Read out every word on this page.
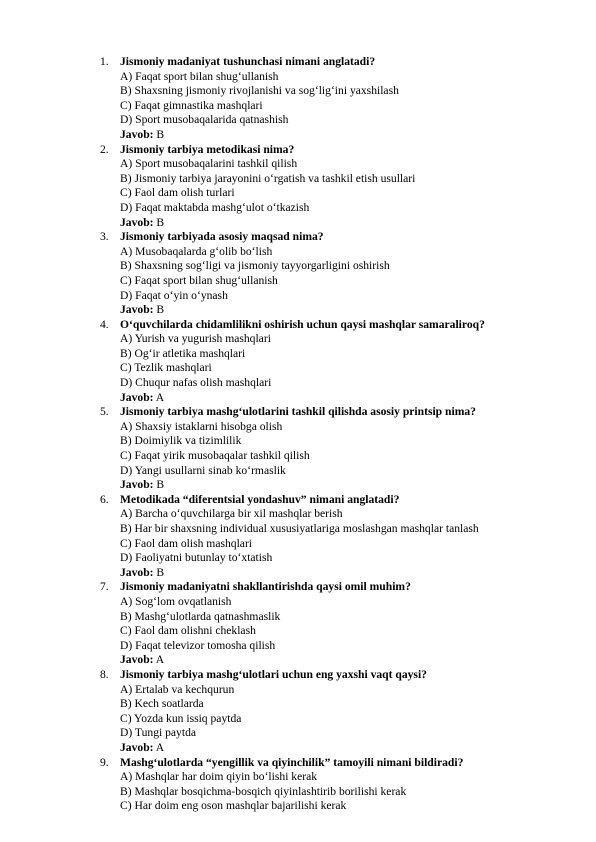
1. Jismoniy madaniyat tushunchasi nimani anglatadi?
A) Faqat sport bilan shug‘ullanish
B) Shaxsning jismoniy rivojlanishi va sog‘lig‘ini yaxshilash
C) Faqat gimnastika mashqlari
D) Sport musobaqalarida qatnashish
Javob: B
2. Jismoniy tarbiya metodikasi nima?
A) Sport musobaqalarini tashkil qilish
B) Jismoniy tarbiya jarayonini o‘rgatish va tashkil etish usullari
C) Faol dam olish turlari
D) Faqat maktabda mashg‘ulot o‘tkazish
Javob: B
3. Jismoniy tarbiyada asosiy maqsad nima?
A) Musobaqalarda g‘olib bo‘lish
B) Shaxsning sog‘ligi va jismoniy tayyorgarligini oshirish
C) Faqat sport bilan shug‘ullanish
D) Faqat o‘yin o‘ynash
Javob: B
4. O‘quvchilarda chidamlilikni oshirish uchun qaysi mashqlar samaraliroq?
A) Yurish va yugurish mashqlari
B) Og‘ir atletika mashqlari
C) Tezlik mashqlari
D) Chuqur nafas olish mashqlari
Javob: A
5. Jismoniy tarbiya mashg‘ulotlarini tashkil qilishda asosiy printsip nima?
A) Shaxsiy istaklarni hisobga olish
B) Doimiylik va tizimlilik
C) Faqat yirik musobaqalar tashkil qilish
D) Yangi usullarni sinab ko‘rmaslik
Javob: B
6. Metodikada “diferentsial yondashuv” nimani anglatadi?
A) Barcha o‘quvchilarga bir xil mashqlar berish
B) Har bir shaxsning individual xususiyatlariga moslashgan mashqlar tanlash
C) Faol dam olish mashqlari
D) Faoliyatni butunlay to‘xtatish
Javob: B
7. Jismoniy madaniyatni shakllantirishda qaysi omil muhim?
A) Sog‘lom ovqatlanish
B) Mashg‘ulotlarda qatnashmaslik
C) Faol dam olishni cheklash
D) Faqat televizor tomosha qilish
Javob: A
8. Jismoniy tarbiya mashg‘ulotlari uchun eng yaxshi vaqt qaysi?
A) Ertalab va kechqurun
B) Kech soatlarda
C) Yozda kun issiq paytda
D) Tungi paytda
Javob: A
9. Mashg‘ulotlarda “yengillik va qiyinchilik” tamoyili nimani bildiradi?
A) Mashqlar har doim qiyin bo‘lishi kerak
B) Mashqlar bosqichma-bosqich qiyinlashtirib borilishi kerak
C) Har doim eng oson mashqlar bajarilishi kerak
